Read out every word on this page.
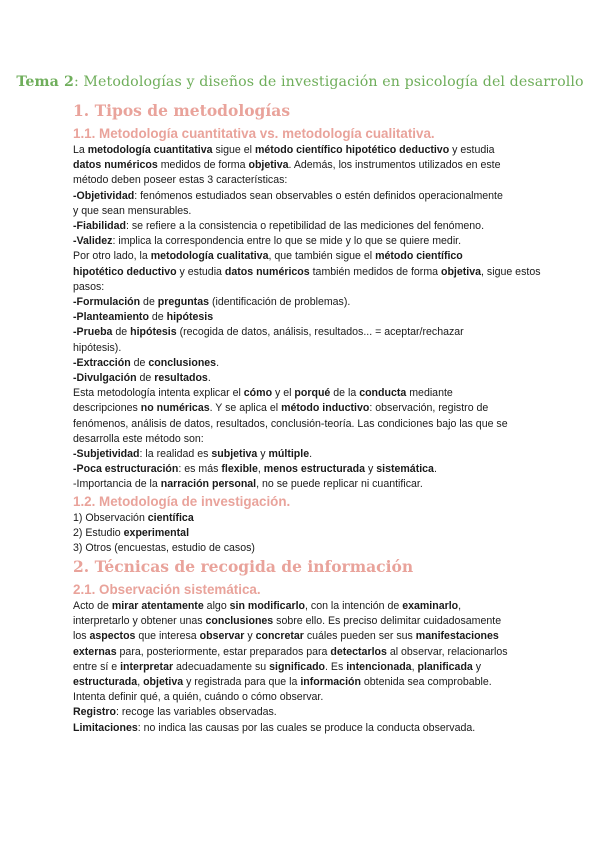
Tema 2: Metodologías y diseños de investigación en psicología del desarrollo
1. Tipos de metodologías
1.1. Metodología cuantitativa vs. metodología cualitativa.

La metodología cuantitativa sigue el método científico hipotético deductivo y estudia

datos numéricos medidos de forma objetiva. Además, los instrumentos utilizados en este

método deben poseer estas 3 características:

-Objetividad: fenómenos estudiados sean observables o estén definidos operacionalmente

y que sean mensurables.

-Fiabilidad: se refiere a la consistencia o repetibilidad de las mediciones del fenómeno.

-Validez: implica la correspondencia entre lo que se mide y lo que se quiere medir.

Por otro lado, la metodología cualitativa, que también sigue el método científico

hipotético deductivo y estudia datos numéricos también medidos de forma objetiva, sigue estos

pasos:

-Formulación de preguntas (identificación de problemas).

-Planteamiento de hipótesis

-Prueba de hipótesis (recogida de datos, análisis, resultados... = aceptar/rechazar

hipótesis).

-Extracción de conclusiones.

-Divulgación de resultados.

Esta metodología intenta explicar el cómo y el porqué de la conducta mediante

descripciones no numéricas. Y se aplica el método inductivo: observación, registro de

fenómenos, análisis de datos, resultados, conclusión-teoría. Las condiciones bajo las que se

desarrolla este método son:

-Subjetividad: la realidad es subjetiva y múltiple.

-Poca estructuración: es más flexible, menos estructurada y sistemática.

-Importancia de la narración personal, no se puede replicar ni cuantificar.

1.2. Metodología de investigación.

1) Observación científica

2) Estudio experimental

3) Otros (encuestas, estudio de casos)

2. Técnicas de recogida de información
2.1. Observación sistemática.

Acto de mirar atentamente algo sin modificarlo, con la intención de examinarlo,

interpretarlo y obtener unas conclusiones sobre ello. Es preciso delimitar cuidadosamente

los aspectos que interesa observar y concretar cuáles pueden ser sus manifestaciones

externas para, posteriormente, estar preparados para detectarlos al observar, relacionarlos

entre sí e interpretar adecuadamente su significado. Es intencionada, planificada y

estructurada, objetiva y registrada para que la información obtenida sea comprobable.

Intenta definir qué, a quién, cuándo o cómo observar.

Registro: recoge las variables observadas.

Limitaciones: no indica las causas por las cuales se produce la conducta observada.
